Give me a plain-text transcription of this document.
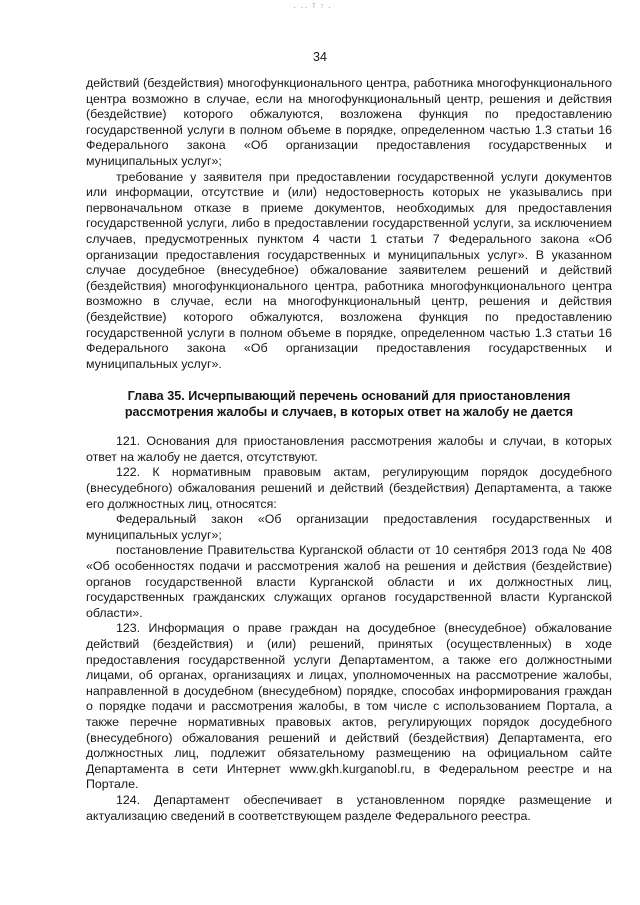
· ·· ᵀ ⁷ ·
34

действий (бездействия) многофункционального центра, работника многофункционального центра возможно в случае, если на многофункциональный центр, решения и действия (бездействие) которого обжалуются, возложена функция по предоставлению государственной услуги в полном объеме в порядке, определенном частью 1.3 статьи 16 Федерального закона «Об организации предоставления государственных и муниципальных услуг»;

требование у заявителя при предоставлении государственной услуги документов или информации, отсутствие и (или) недостоверность которых не указывались при первоначальном отказе в приеме документов, необходимых для предоставления государственной услуги, либо в предоставлении государственной услуги, за исключением случаев, предусмотренных пунктом 4 части 1 статьи 7 Федерального закона «Об организации предоставления государственных и муниципальных услуг». В указанном случае досудебное (внесудебное) обжалование заявителем решений и действий (бездействия) многофункционального центра, работника многофункционального центра возможно в случае, если на многофункциональный центр, решения и действия (бездействие) которого обжалуются, возложена функция по предоставлению государственной услуги в полном объеме в порядке, определенном частью 1.3 статьи 16 Федерального закона «Об организации предоставления государственных и муниципальных услуг».

Глава 35. Исчерпывающий перечень оснований для приостановления рассмотрения жалобы и случаев, в которых ответ на жалобу не дается

121. Основания для приостановления рассмотрения жалобы и случаи, в которых ответ на жалобу не дается, отсутствуют.

122. К нормативным правовым актам, регулирующим порядок досудебного (внесудебного) обжалования решений и действий (бездействия) Департамента, а также его должностных лиц, относятся:

Федеральный закон «Об организации предоставления государственных и муниципальных услуг»;

постановление Правительства Курганской области от 10 сентября 2013 года № 408 «Об особенностях подачи и рассмотрения жалоб на решения и действия (бездействие) органов государственной власти Курганской области и их должностных лиц, государственных гражданских служащих органов государственной власти Курганской области».

123. Информация о праве граждан на досудебное (внесудебное) обжалование действий (бездействия) и (или) решений, принятых (осуществленных) в ходе предоставления государственной услуги Департаментом, а также его должностными лицами, об органах, организациях и лицах, уполномоченных на рассмотрение жалобы, направленной в досудебном (внесудебном) порядке, способах информирования граждан о порядке подачи и рассмотрения жалобы, в том числе с использованием Портала, а также перечне нормативных правовых актов, регулирующих порядок досудебного (внесудебного) обжалования решений и действий (бездействия) Департамента, его должностных лиц, подлежит обязательному размещению на официальном сайте Департамента в сети Интернет www.gkh.kurganobl.ru, в Федеральном реестре и на Портале.

124. Департамент обеспечивает в установленном порядке размещение и актуализацию сведений в соответствующем разделе Федерального реестра.
